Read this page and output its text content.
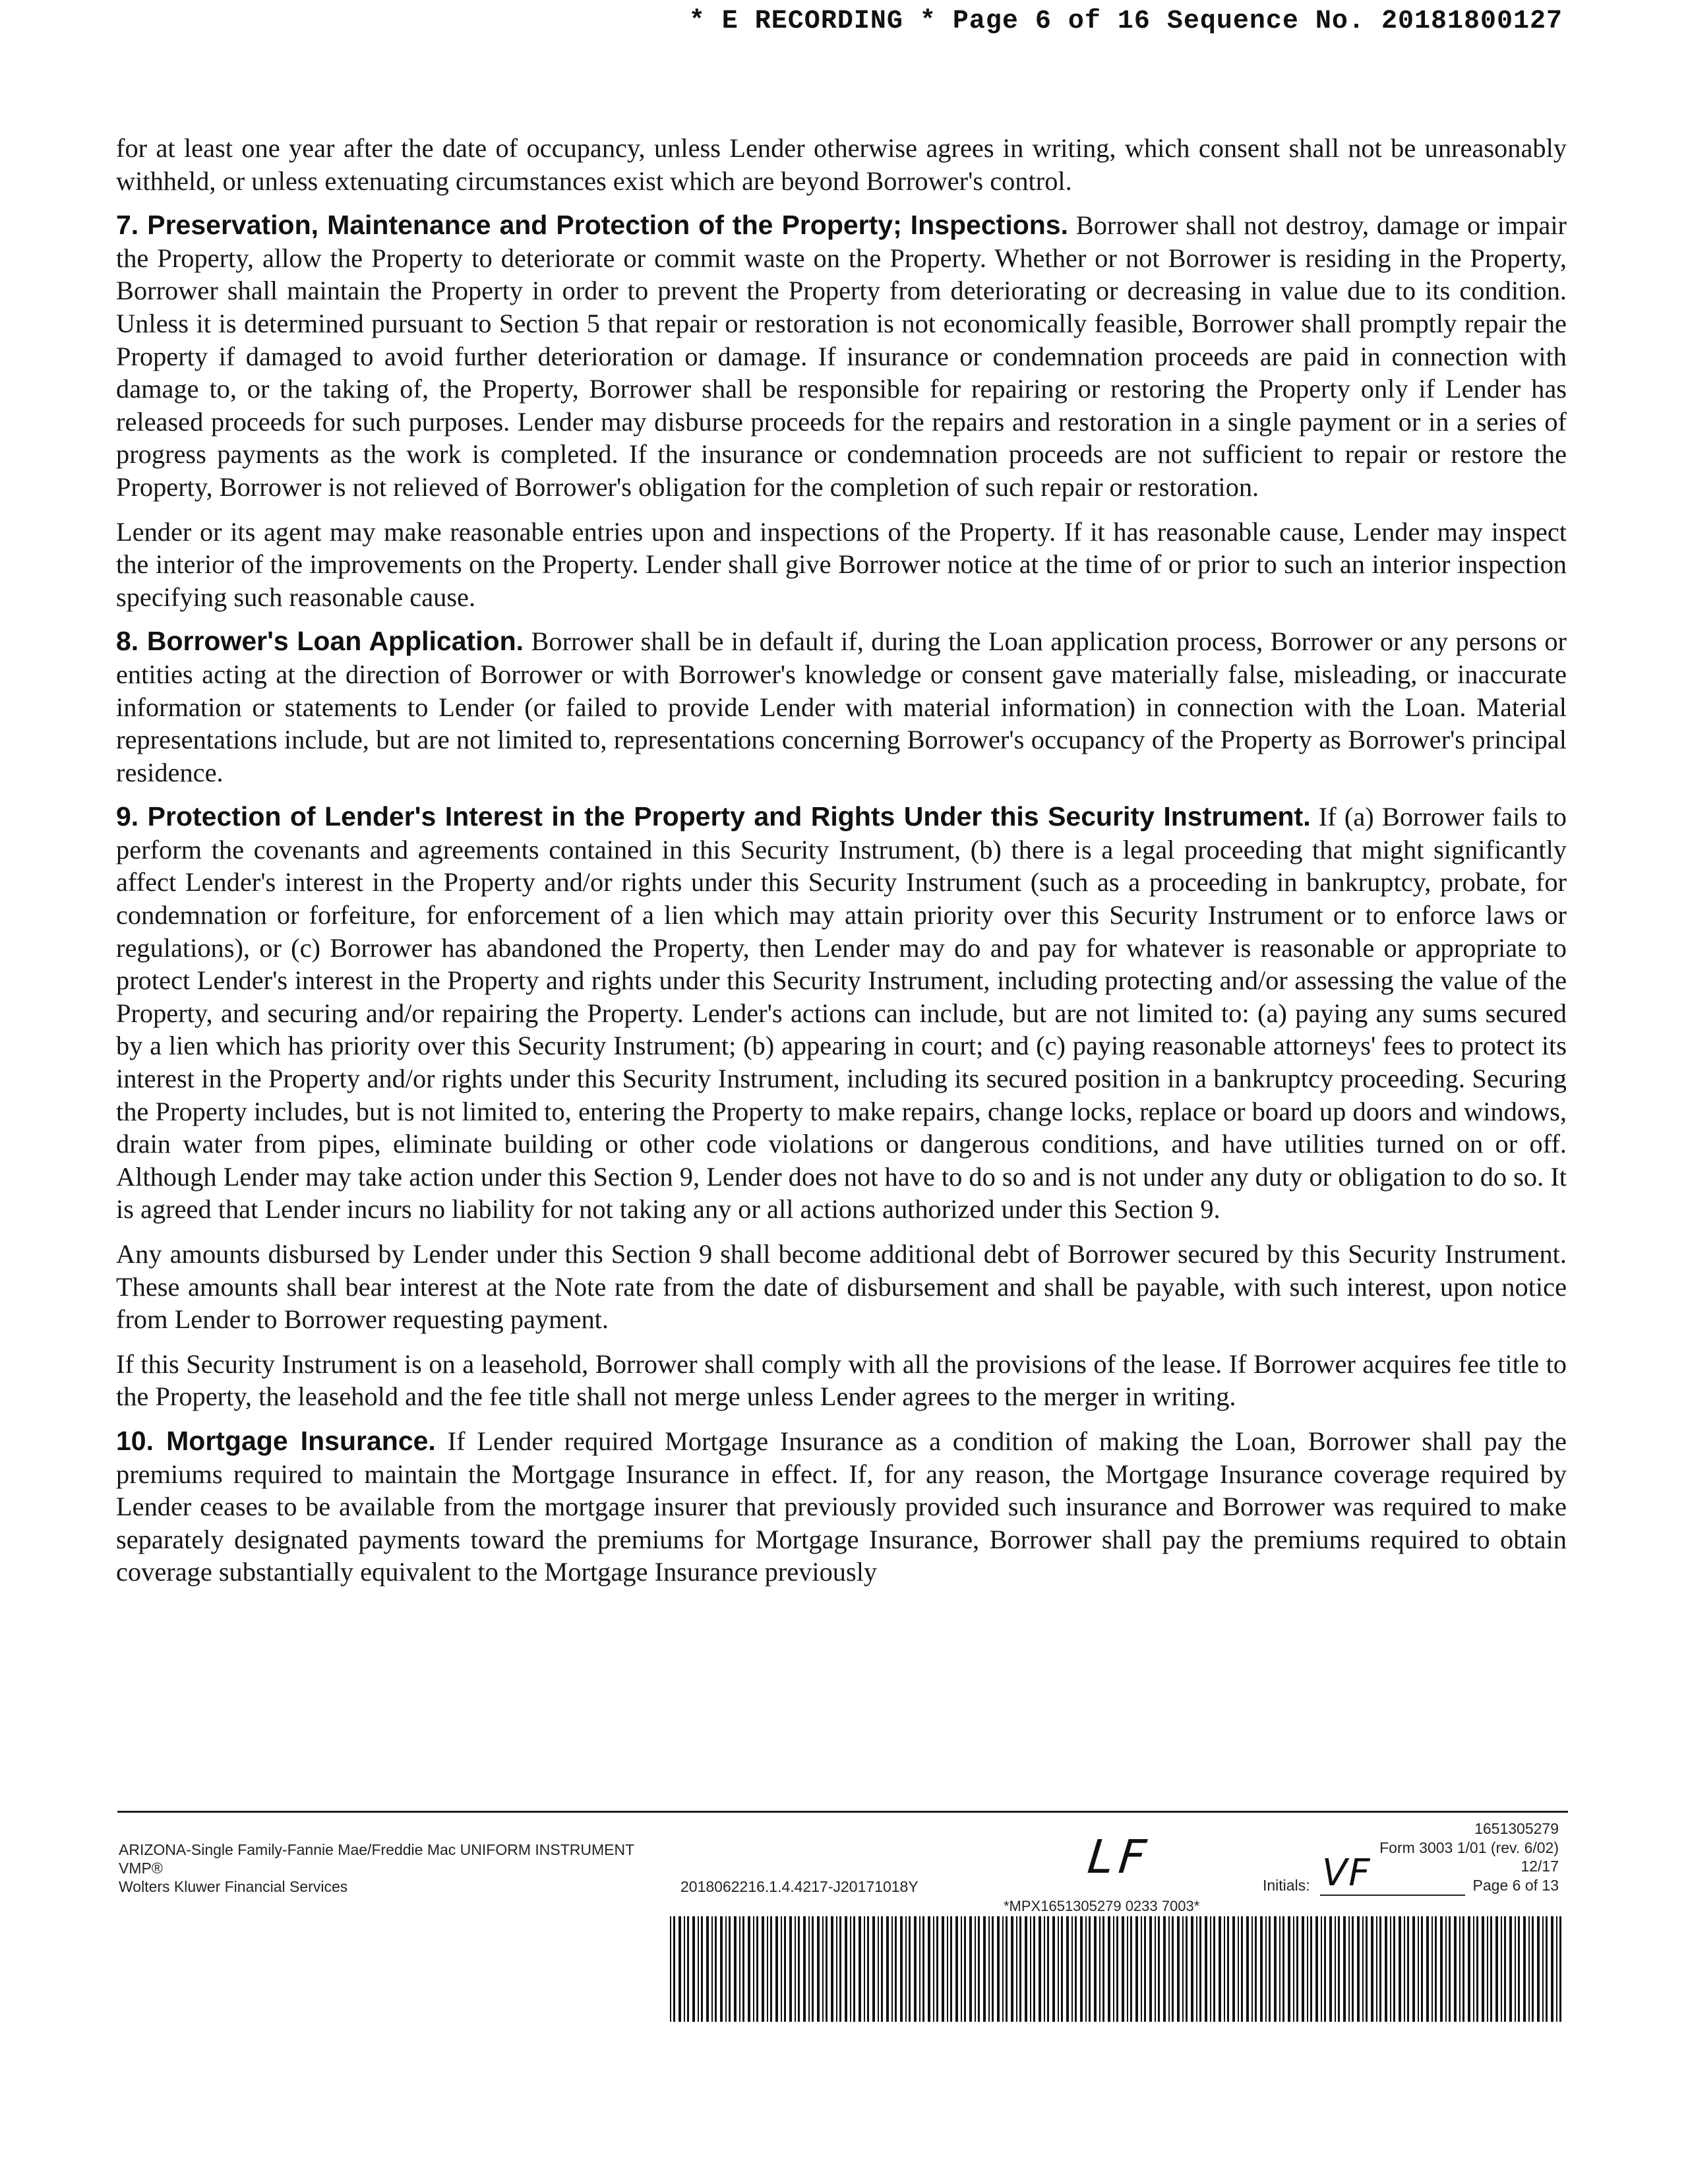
* E RECORDING * Page 6 of 16 Sequence No. 20181800127

for at least one year after the date of occupancy, unless Lender otherwise agrees in writing, which consent shall not be unreasonably withheld, or unless extenuating circumstances exist which are beyond Borrower's control.

7. Preservation, Maintenance and Protection of the Property; Inspections. Borrower shall not destroy, damage or impair the Property, allow the Property to deteriorate or commit waste on the Property. Whether or not Borrower is residing in the Property, Borrower shall maintain the Property in order to prevent the Property from deteriorating or decreasing in value due to its condition. Unless it is determined pursuant to Section 5 that repair or restoration is not economically feasible, Borrower shall promptly repair the Property if damaged to avoid further deterioration or damage. If insurance or condemnation proceeds are paid in connection with damage to, or the taking of, the Property, Borrower shall be responsible for repairing or restoring the Property only if Lender has released proceeds for such purposes. Lender may disburse proceeds for the repairs and restoration in a single payment or in a series of progress payments as the work is completed. If the insurance or condemnation proceeds are not sufficient to repair or restore the Property, Borrower is not relieved of Borrower's obligation for the completion of such repair or restoration.

Lender or its agent may make reasonable entries upon and inspections of the Property. If it has reasonable cause, Lender may inspect the interior of the improvements on the Property. Lender shall give Borrower notice at the time of or prior to such an interior inspection specifying such reasonable cause.

8. Borrower's Loan Application. Borrower shall be in default if, during the Loan application process, Borrower or any persons or entities acting at the direction of Borrower or with Borrower's knowledge or consent gave materially false, misleading, or inaccurate information or statements to Lender (or failed to provide Lender with material information) in connection with the Loan. Material representations include, but are not limited to, representations concerning Borrower's occupancy of the Property as Borrower's principal residence.

9. Protection of Lender's Interest in the Property and Rights Under this Security Instrument. If (a) Borrower fails to perform the covenants and agreements contained in this Security Instrument, (b) there is a legal proceeding that might significantly affect Lender's interest in the Property and/or rights under this Security Instrument (such as a proceeding in bankruptcy, probate, for condemnation or forfeiture, for enforcement of a lien which may attain priority over this Security Instrument or to enforce laws or regulations), or (c) Borrower has abandoned the Property, then Lender may do and pay for whatever is reasonable or appropriate to protect Lender's interest in the Property and rights under this Security Instrument, including protecting and/or assessing the value of the Property, and securing and/or repairing the Property. Lender's actions can include, but are not limited to: (a) paying any sums secured by a lien which has priority over this Security Instrument; (b) appearing in court; and (c) paying reasonable attorneys' fees to protect its interest in the Property and/or rights under this Security Instrument, including its secured position in a bankruptcy proceeding. Securing the Property includes, but is not limited to, entering the Property to make repairs, change locks, replace or board up doors and windows, drain water from pipes, eliminate building or other code violations or dangerous conditions, and have utilities turned on or off. Although Lender may take action under this Section 9, Lender does not have to do so and is not under any duty or obligation to do so. It is agreed that Lender incurs no liability for not taking any or all actions authorized under this Section 9.

Any amounts disbursed by Lender under this Section 9 shall become additional debt of Borrower secured by this Security Instrument. These amounts shall bear interest at the Note rate from the date of disbursement and shall be payable, with such interest, upon notice from Lender to Borrower requesting payment.

If this Security Instrument is on a leasehold, Borrower shall comply with all the provisions of the lease. If Borrower acquires fee title to the Property, the leasehold and the fee title shall not merge unless Lender agrees to the merger in writing.

10. Mortgage Insurance. If Lender required Mortgage Insurance as a condition of making the Loan, Borrower shall pay the premiums required to maintain the Mortgage Insurance in effect. If, for any reason, the Mortgage Insurance coverage required by Lender ceases to be available from the mortgage insurer that previously provided such insurance and Borrower was required to make separately designated payments toward the premiums for Mortgage Insurance, Borrower shall pay the premiums required to obtain coverage substantially equivalent to the Mortgage Insurance previously

ARIZONA-Single Family-Fannie Mae/Freddie Mac UNIFORM INSTRUMENT
VMP®
Wolters Kluwer Financial Services	2018062216.1.4.4217-J20171018Y
1651305279
Form 3003 1/01 (rev. 6/02)
12/17
Initials:	Page 6 of 13
LF	VF
*MPX1651305279 0233 7003*
